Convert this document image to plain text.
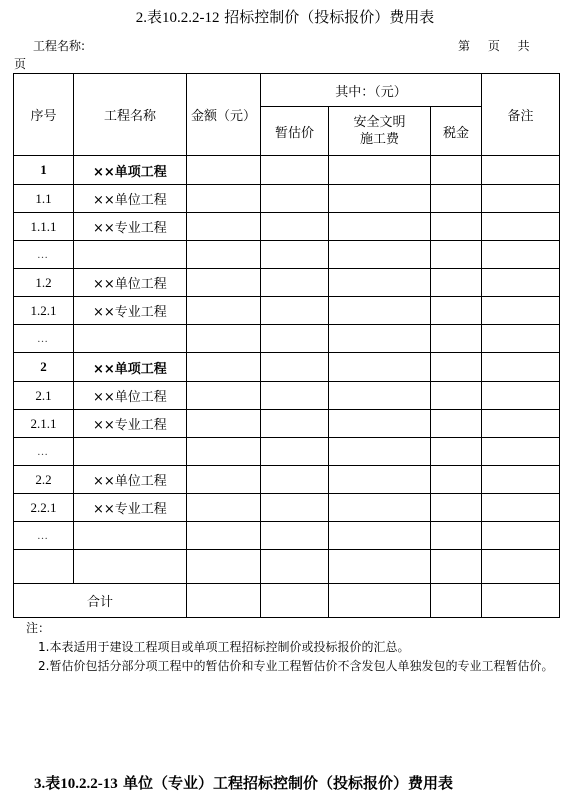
2.表10.2.2-12 招标控制价（投标报价）费用表
工程名称:	第 页 共
页
序号	工程名称	金额（元）	其中：（元）			备注
			暂估价	安全文明施工费	税金	
1	××单项工程					
1.1	××单位工程					
1.1.1	××专业工程					
…						
1.2	××单位工程					
1.2.1	××专业工程					
…						
2	××单项工程					
2.1	××单位工程					
2.1.1	××专业工程					
…						
2.2	××单位工程					
2.2.1	××专业工程					
…						

合计						
注：
1.本表适用于建设工程项目或单项工程招标控制价或投标报价的汇总。
2.暂估价包括分部分项工程中的暂估价和专业工程暂估价不含发包人单独发包的专业工程暂估价。
3.表10.2.2-13 单位（专业）工程招标控制价（投标报价）费用表
